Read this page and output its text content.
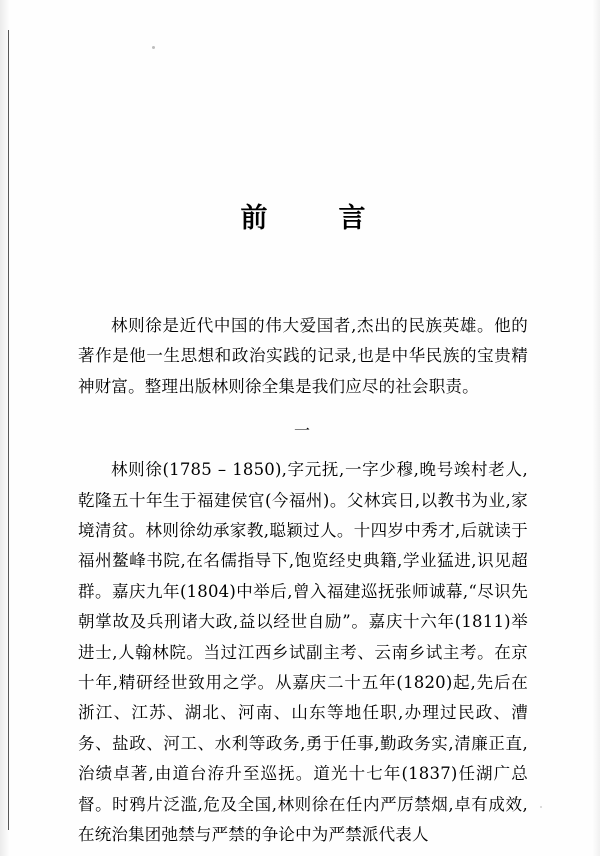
前　言

林则徐是近代中国的伟大爱国者,杰出的民族英雄。他的著作是他一生思想和政治实践的记录,也是中华民族的宝贵精神财富。整理出版林则徐全集是我们应尽的社会职责。

一

林则徐(1785 – 1850),字元抚,一字少穆,晚号竢村老人,乾隆五十年生于福建侯官(今福州)。父林宾日,以教书为业,家境清贫。林则徐幼承家教,聪颖过人。十四岁中秀才,后就读于福州鳌峰书院,在名儒指导下,饱览经史典籍,学业猛进,识见超群。嘉庆九年(1804)中举后,曾入福建巡抚张师诚幕,“尽识先朝掌故及兵刑诸大政,益以经世自励”。嘉庆十六年(1811)举进士,人翰林院。当过江西乡试副主考、云南乡试主考。在京十年,精研经世致用之学。从嘉庆二十五年(1820)起,先后在浙江、江苏、湖北、河南、山东等地任职,办理过民政、漕务、盐政、河工、水利等政务,勇于任事,勤政务实,清廉正直,治绩卓著,由道台洊升至巡抚。道光十七年(1837)任湖广总督。时鸦片泛滥,危及全国,林则徐在任内严厉禁烟,卓有成效,在统治集团弛禁与严禁的争论中为严禁派代表人
